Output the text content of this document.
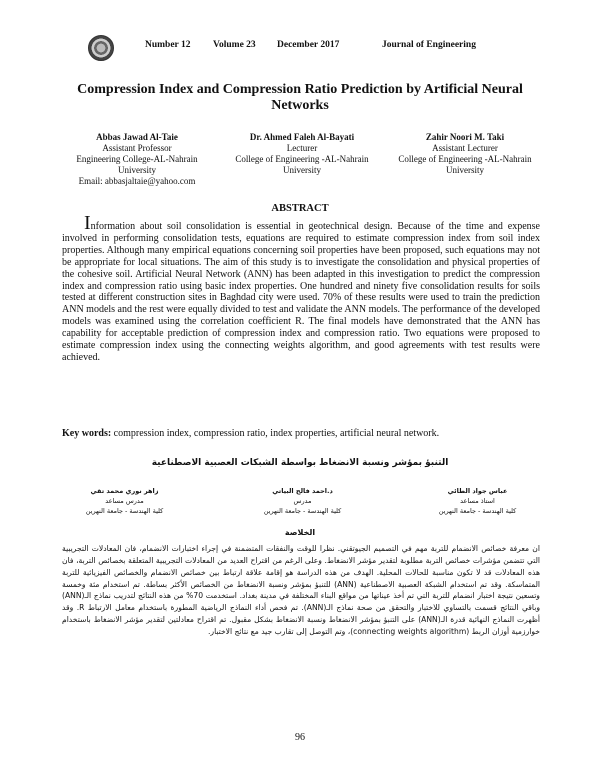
Number 12 Volume 23 December 2017	Journal of Engineering
Compression Index and Compression Ratio Prediction by Artificial Neural Networks
Abbas Jawad Al-Taie
Assistant Professor
Engineering College-AL-Nahrain University
Email: abbasjaltaie@yahoo.com
Dr. Ahmed Faleh Al-Bayati
Lecturer
College of Engineering -AL-Nahrain University
Zahir Noori M. Taki
Assistant Lecturer
College of Engineering -AL-Nahrain University
ABSTRACT
Information about soil consolidation is essential in geotechnical design. Because of the time and expense involved in performing consolidation tests, equations are required to estimate compression index from soil index properties. Although many empirical equations concerning soil properties have been proposed, such equations may not be appropriate for local situations. The aim of this study is to investigate the consolidation and physical properties of the cohesive soil. Artificial Neural Network (ANN) has been adapted in this investigation to predict the compression index and compression ratio using basic index properties. One hundred and ninety five consolidation results for soils tested at different construction sites in Baghdad city were used. 70% of these results were used to train the prediction ANN models and the rest were equally divided to test and validate the ANN models. The performance of the developed models was examined using the correlation coefficient R. The final models have demonstrated that the ANN has capability for acceptable prediction of compression index and compression ratio. Two equations were proposed to estimate compression index using the connecting weights algorithm, and good agreements with test results were achieved.
Key words: compression index, compression ratio, index properties, artificial neural network.
التنبؤ بمؤشر ونسبة الانضغاط بواسطة الشبكات العصبية الاصطناعية
عباس جواد الطائي
استاذ مساعد
كلية الهندسة - جامعة النهرين
د.احمد فالح البياتي
مدرس
كلية الهندسة - جامعة النهرين
زاهر نوري محمد تقي
مدرس مساعد
كلية الهندسة - جامعة النهرين
الخلاصة
ان معرفة خصائص الانضمام للتربة مهم في التصميم الجيوتقني. نظرا للوقت والنفقات المتضمنة في إجراء اختبارات الانضمام، فان المعادلات التجريبية التي تتضمن مؤشرات خصائص التربة مطلوبة لتقدير مؤشر الانضغاط. وعلى الرغم من اقتراح العديد من المعادلات التجريبية المتعلقة بخصائص التربة، فان هذه المعادلات قد لا تكون مناسبة للحالات المحلية. الهدف من هذه الدراسة هو إقامة علاقة ارتباط بين خصائص الانضمام والخصائص الفيزيائية للتربة المتماسكة. وقد تم استخدام الشبكة العصبية الاصطناعية (ANN) للتنبؤ بمؤشر ونسبة الانضغاط من الخصائص الأكثر بساطة. تم استخدام مئة وخمسة وتسعين نتيجة اختبار انضمام للتربة التي تم أخذ عيناتها من مواقع البناء المختلفة في مدينة بغداد. استخدمت 70% من هذه النتائج لتدريب نماذج الـ(ANN) وباقي النتائج قسمت بالتساوي للاختبار والتحقق من صحة نماذج الـ(ANN). تم فحص أداء النماذج الرياضية المطورة باستخدام معامل الارتباط R. وقد أظهرت النماذج النهائية قدرة الـ(ANN) على التنبؤ بمؤشر الانضغاط ونسبة الانضغاط بشكل مقبول. تم اقتراح معادلتين لتقدير مؤشر الانضغاط باستخدام خوارزمية أوزان الربط (connecting weights algorithm)، وتم التوصل إلى تقارب جيد مع نتائج الاختبار.
96
